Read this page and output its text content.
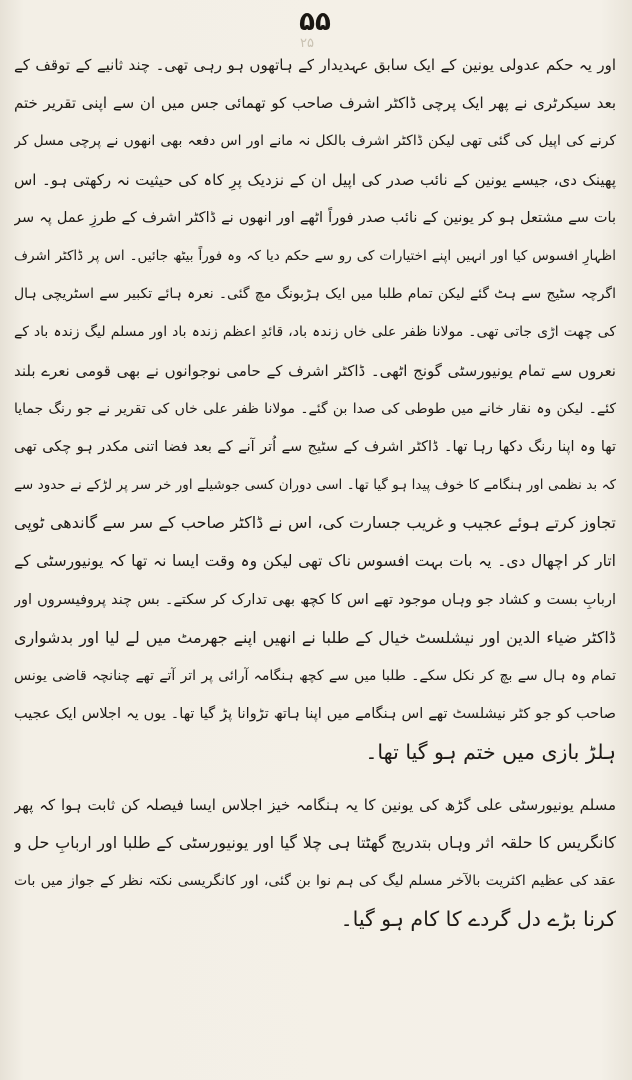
۵۵
۲۵
اور یہ حکم عدولی یونین کے ایک سابق عہدیدار کے ہاتھوں ہو رہی تھی۔ چند ثانیے کے توقف کے
بعد سیکرٹری نے پھر ایک پرچی ڈاکٹر اشرف صاحب کو تھمائی جس میں ان سے اپنی تقریر ختم
کرنے کی اپیل کی گئی تھی لیکن ڈاکٹر اشرف بالکل نہ مانے اور اس دفعہ بھی انھوں نے پرچی مسل کر
پھینک دی، جیسے یونین کے نائب صدر کی اپیل ان کے نزدیک پرِ کاہ کی حیثیت نہ رکھتی ہو۔ اس
بات سے مشتعل ہو کر یونین کے نائب صدر فوراً اٹھے اور انھوں نے ڈاکٹر اشرف کے طرزِ عمل پہ سر
اظہارِ افسوس کیا اور انہیں اپنے اختیارات کی رو سے حکم دیا کہ وہ فوراً بیٹھ جائیں۔ اس پر ڈاکٹر اشرف
اگرچہ سٹیج سے ہٹ گئے لیکن تمام طلبا میں ایک ہڑبونگ مچ گئی۔ نعرہ ہائے تکبیر سے اسٹریچی ہال
کی چھت اڑی جاتی تھی۔ مولانا ظفر علی خاں زندہ باد، قائدِ اعظم زندہ باد اور مسلم لیگ زندہ باد کے
نعروں سے تمام یونیورسٹی گونج اٹھی۔ ڈاکٹر اشرف کے حامی نوجوانوں نے بھی قومی نعرے بلند
کئے۔ لیکن وہ نقار خانے میں طوطی کی صدا بن گئے۔ مولانا ظفر علی خاں کی تقریر نے جو رنگ جمایا
تھا وہ اپنا رنگ دکھا رہا تھا۔ ڈاکٹر اشرف کے سٹیج سے اُتر آنے کے بعد فضا اتنی مکدر ہو چکی تھی
کہ بد نظمی اور ہنگامے کا خوف پیدا ہو گیا تھا۔ اسی دوران کسی جوشیلے اور خر سر پر لڑکے نے حدود سے
تجاوز کرتے ہوئے عجیب و غریب جسارت کی، اس نے ڈاکٹر صاحب کے سر سے گاندھی ٹوپی
اتار کر اچھال دی۔ یہ بات بہت افسوس ناک تھی لیکن وہ وقت ایسا نہ تھا کہ یونیورسٹی کے
اربابِ بست و کشاد جو وہاں موجود تھے اس کا کچھ بھی تدارک کر سکتے۔ بس چند پروفیسروں اور
ڈاکٹر ضیاء الدین اور نیشلسٹ خیال کے طلبا نے انھیں اپنے جھرمٹ میں لے لیا اور بدشواری
تمام وہ ہال سے بچ کر نکل سکے۔ طلبا میں سے کچھ ہنگامہ آرائی پر اتر آتے تھے چنانچہ قاضی یونس
صاحب کو جو کٹر نیشلسٹ تھے اس ہنگامے میں اپنا ہاتھ تڑوانا پڑ گیا تھا۔ یوں یہ اجلاس ایک عجیب
ہلڑ بازی میں ختم ہو گیا تھا۔
مسلم یونیورسٹی علی گڑھ کی یونین کا یہ ہنگامہ خیز اجلاس ایسا فیصلہ کن ثابت ہوا کہ پھر
کانگریس کا حلقہ اثر وہاں بتدریج گھٹتا ہی چلا گیا اور یونیورسٹی کے طلبا اور اربابِ حل و
عقد کی عظیم اکثریت بالآخر مسلم لیگ کی ہم نوا بن گئی، اور کانگریسی نکتہ نظر کے جواز میں بات
کرنا بڑے دل گردے کا کام ہو گیا۔
